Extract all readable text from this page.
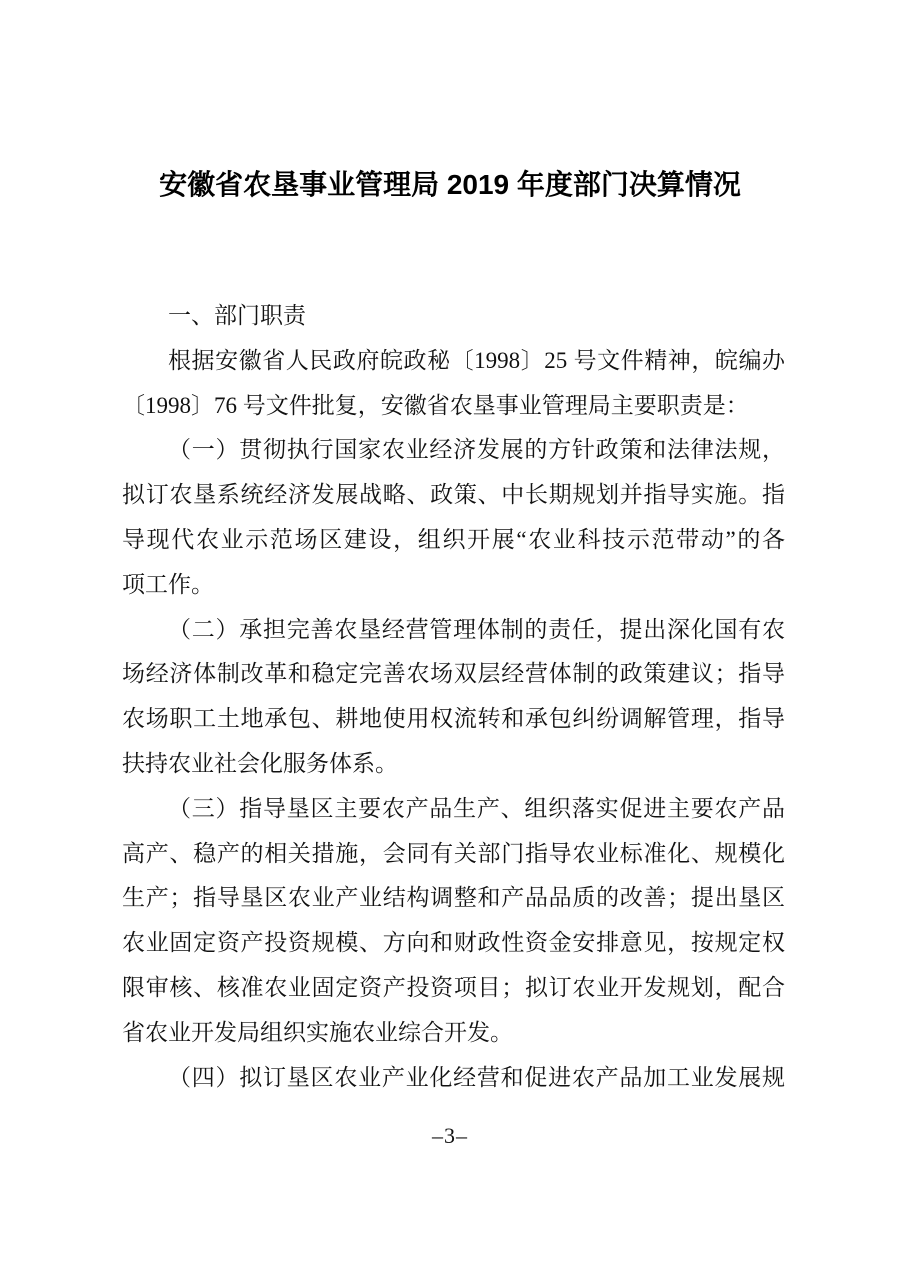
安徽省农垦事业管理局 2019 年度部门决算情况
一、部门职责
根据安徽省人民政府皖政秘〔1998〕25 号文件精神，皖编办
〔1998〕76 号文件批复，安徽省农垦事业管理局主要职责是：
（一）贯彻执行国家农业经济发展的方针政策和法律法规，
拟订农垦系统经济发展战略、政策、中长期规划并指导实施。指
导现代农业示范场区建设，组织开展“农业科技示范带动”的各
项工作。
（二）承担完善农垦经营管理体制的责任，提出深化国有农
场经济体制改革和稳定完善农场双层经营体制的政策建议；指导
农场职工土地承包、耕地使用权流转和承包纠纷调解管理，指导
扶持农业社会化服务体系。
（三）指导垦区主要农产品生产、组织落实促进主要农产品
高产、稳产的相关措施，会同有关部门指导农业标准化、规模化
生产；指导垦区农业产业结构调整和产品品质的改善；提出垦区
农业固定资产投资规模、方向和财政性资金安排意见，按规定权
限审核、核准农业固定资产投资项目；拟订农业开发规划，配合
省农业开发局组织实施农业综合开发。
（四）拟订垦区农业产业化经营和促进农产品加工业发展规
–3–
